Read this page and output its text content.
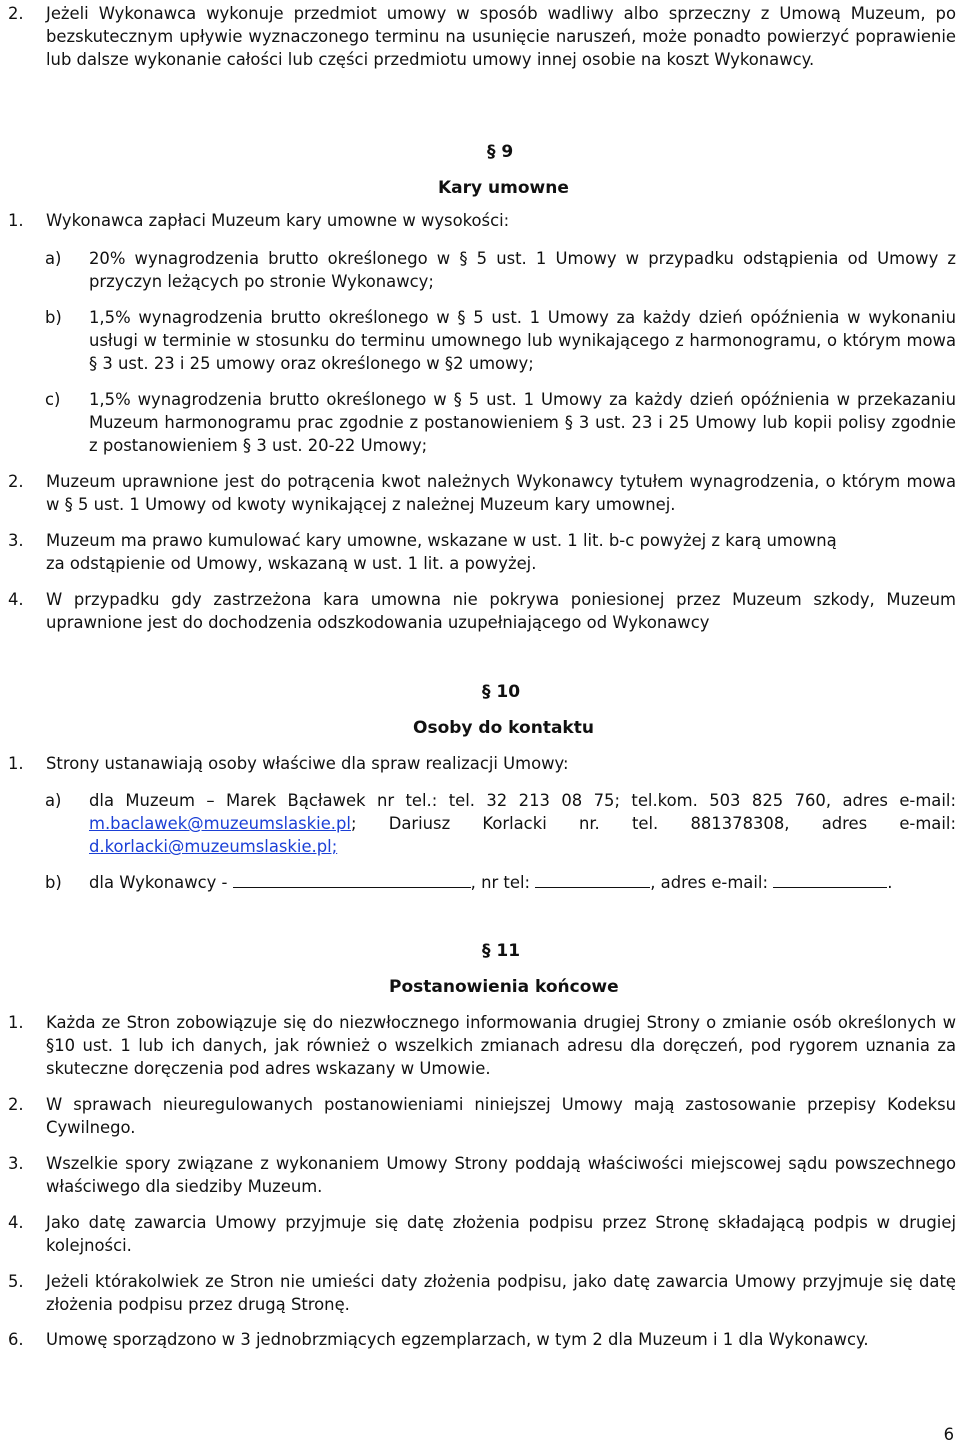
2. Jeżeli Wykonawca wykonuje przedmiot umowy w sposób wadliwy albo sprzeczny z Umową Muzeum, po bezskutecznym upływie wyznaczonego terminu na usunięcie naruszeń, może ponadto powierzyć poprawienie lub dalsze wykonanie całości lub części przedmiotu umowy innej osobie na koszt Wykonawcy.
§ 9
Kary umowne
1. Wykonawca zapłaci Muzeum kary umowne w wysokości:
a) 20% wynagrodzenia brutto określonego w § 5 ust. 1 Umowy w przypadku odstąpienia od Umowy z przyczyn leżących po stronie Wykonawcy;
b) 1,5% wynagrodzenia brutto określonego w § 5 ust. 1 Umowy za każdy dzień opóźnienia w wykonaniu usługi w terminie w stosunku do terminu umownego lub wynikającego z harmonogramu, o którym mowa § 3 ust. 23 i 25 umowy oraz określonego w §2 umowy;
c) 1,5% wynagrodzenia brutto określonego w § 5 ust. 1 Umowy za każdy dzień opóźnienia w przekazaniu Muzeum harmonogramu prac zgodnie z postanowieniem § 3 ust. 23 i 25 Umowy lub kopii polisy zgodnie z postanowieniem § 3 ust. 20-22 Umowy;
2. Muzeum uprawnione jest do potrącenia kwot należnych Wykonawcy tytułem wynagrodzenia, o którym mowa w § 5 ust. 1 Umowy od kwoty wynikającej z należnej Muzeum kary umownej.
3. Muzeum ma prawo kumulować kary umowne, wskazane w ust. 1 lit. b-c powyżej z karą umowną
za odstąpienie od Umowy, wskazaną w ust. 1 lit. a powyżej.
4. W przypadku gdy zastrzeżona kara umowna nie pokrywa poniesionej przez Muzeum szkody, Muzeum uprawnione jest do dochodzenia odszkodowania uzupełniającego od Wykonawcy
§ 10
Osoby do kontaktu
1. Strony ustanawiają osoby właściwe dla spraw realizacji Umowy:
a) dla Muzeum – Marek Bącławek nr tel.: tel. 32 213 08 75; tel.kom. 503 825 760, adres e-mail: m.baclawek@muzeumslaskie.pl; Dariusz Korlacki nr. tel. 881378308, adres e-mail: d.korlacki@muzeumslaskie.pl;
b) dla Wykonawcy -	, nr tel:	, adres e-mail:	.
§ 11
Postanowienia końcowe
1. Każda ze Stron zobowiązuje się do niezwłocznego informowania drugiej Strony o zmianie osób określonych w §10 ust. 1 lub ich danych, jak również o wszelkich zmianach adresu dla doręczeń, pod rygorem uznania za skuteczne doręczenia pod adres wskazany w Umowie.
2. W sprawach nieuregulowanych postanowieniami niniejszej Umowy mają zastosowanie przepisy Kodeksu Cywilnego.
3. Wszelkie spory związane z wykonaniem Umowy Strony poddają właściwości miejscowej sądu powszechnego właściwego dla siedziby Muzeum.
4. Jako datę zawarcia Umowy przyjmuje się datę złożenia podpisu przez Stronę składającą podpis w drugiej kolejności.
5. Jeżeli którakolwiek ze Stron nie umieści daty złożenia podpisu, jako datę zawarcia Umowy przyjmuje się datę złożenia podpisu przez drugą Stronę.
6. Umowę sporządzono w 3 jednobrzmiących egzemplarzach, w tym 2 dla Muzeum i 1 dla Wykonawcy.
6
